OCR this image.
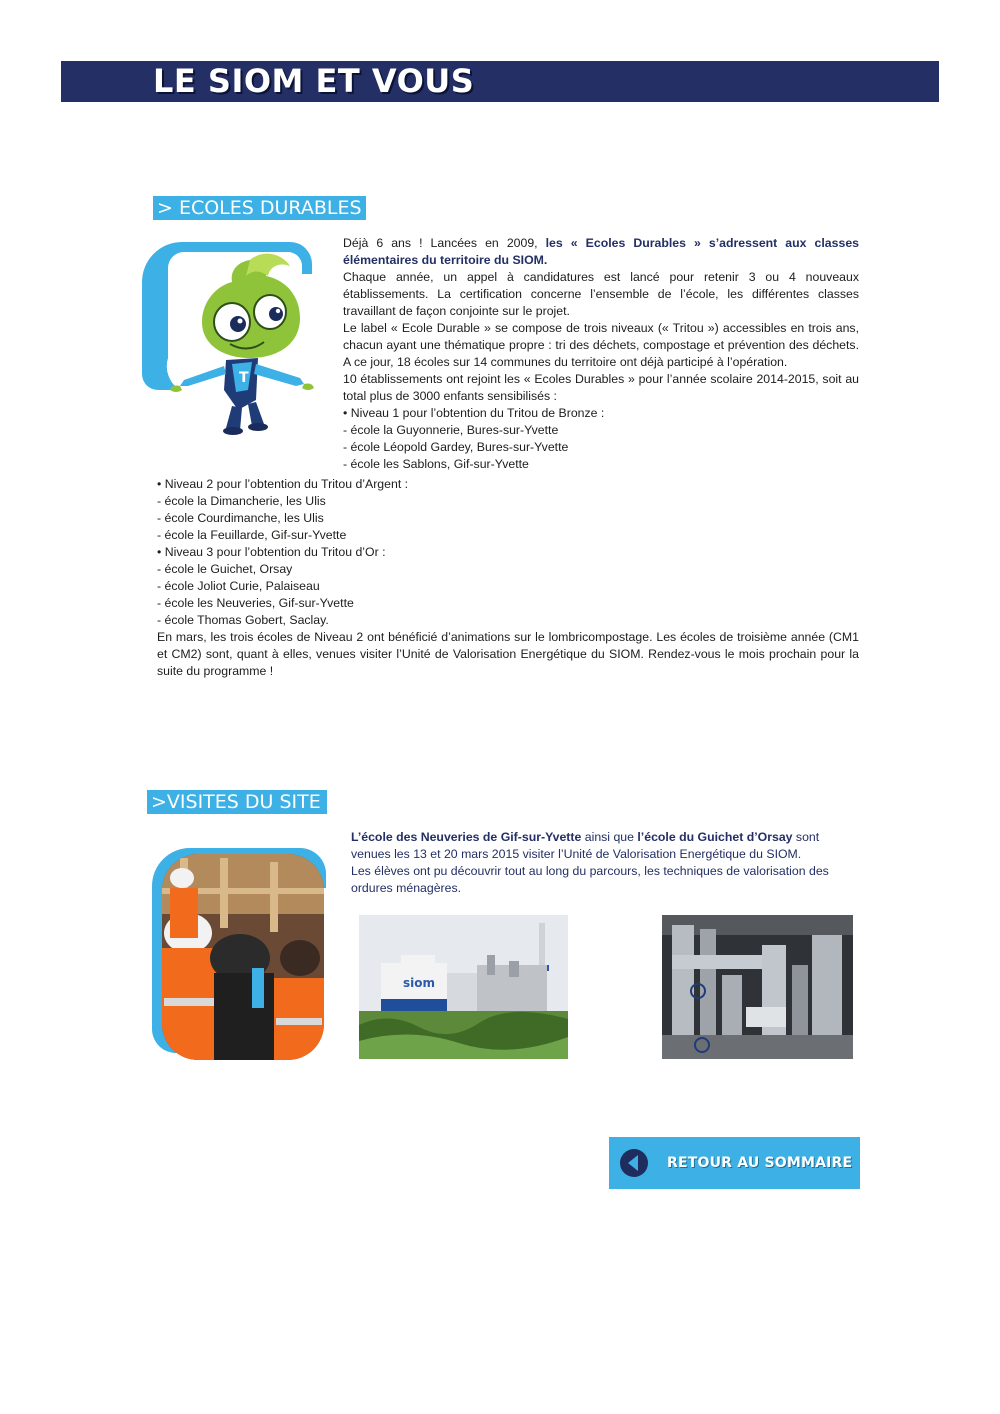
LE SIOM ET VOUS
> ECOLES DURABLES
T
Déjà 6 ans ! Lancées en 2009, les « Ecoles Durables » s’adressent aux classes élémentaires du territoire du SIOM.
Chaque année, un appel à candidatures est lancé pour retenir 3 ou 4 nouveaux établissements. La certification concerne l’ensemble de l’école, les différentes classes travaillant de façon conjointe sur le projet.
Le label « Ecole Durable » se compose de trois niveaux (« Tritou ») accessibles en trois ans, chacun ayant une thématique propre : tri des déchets, compostage et prévention des déchets. A ce jour, 18 écoles sur 14 communes du territoire ont déjà participé à l’opération.
10 établissements ont rejoint les « Ecoles Durables » pour l’année scolaire 2014-2015, soit au total plus de 3000 enfants sensibilisés :
• Niveau 1 pour l’obtention du Tritou de Bronze :
- école la Guyonnerie, Bures-sur-Yvette
- école Léopold Gardey, Bures-sur-Yvette
- école les Sablons, Gif-sur-Yvette
• Niveau 2 pour l’obtention du Tritou d’Argent :
- école la Dimancherie, les Ulis
- école Courdimanche, les Ulis
- école la Feuillarde, Gif-sur-Yvette
• Niveau 3 pour l’obtention du Tritou d’Or :
- école le Guichet, Orsay
- école Joliot Curie, Palaiseau
- école les Neuveries, Gif-sur-Yvette
- école Thomas Gobert, Saclay.
En mars, les trois écoles de Niveau 2 ont bénéficié d’animations sur le lombricompostage. Les écoles de troisième année (CM1 et CM2) sont, quant à elles, venues visiter l’Unité de Valorisation Energétique du SIOM. Rendez-vous le mois prochain pour la suite du programme !
>VISITES DU SITE
L’école des Neuveries de Gif-sur-Yvette ainsi que l’école du Guichet d’Orsay sont venues les 13 et 20 mars 2015 visiter l’Unité de Valorisation Energétique du SIOM.
Les élèves ont pu découvrir tout au long du parcours, les techniques de valorisation des ordures ménagères.
siom
RETOUR AU SOMMAIRE
